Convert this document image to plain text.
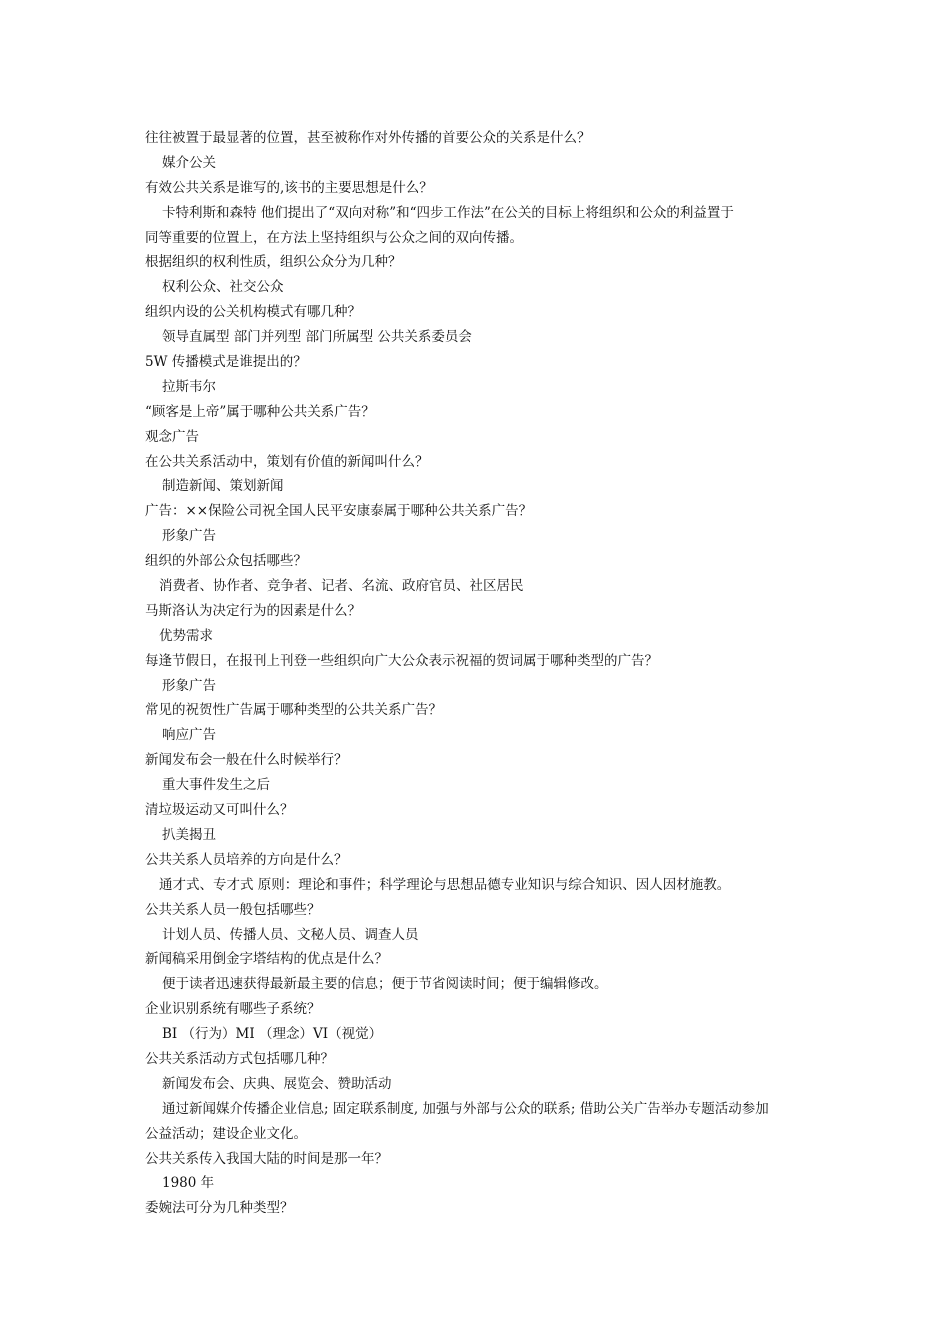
往往被置于最显著的位置，甚至被称作对外传播的首要公众的关系是什么？
媒介公关
有效公共关系是谁写的,该书的主要思想是什么？
卡特利斯和森特 他们提出了“双向对称”和“四步工作法”在公关的目标上将组织和公众的利益置于
同等重要的位置上，在方法上坚持组织与公众之间的双向传播。
根据组织的权利性质，组织公众分为几种？
权利公众、社交公众
组织内设的公关机构模式有哪几种？
领导直属型 部门并列型 部门所属型 公共关系委员会
5W 传播模式是谁提出的？
拉斯韦尔
“顾客是上帝”属于哪种公共关系广告？
观念广告
在公共关系活动中，策划有价值的新闻叫什么？
制造新闻、策划新闻
广告：××保险公司祝全国人民平安康泰属于哪种公共关系广告？
形象广告
组织的外部公众包括哪些？
消费者、协作者、竞争者、记者、名流、政府官员、社区居民
马斯洛认为决定行为的因素是什么？
优势需求
每逢节假日，在报刊上刊登一些组织向广大公众表示祝福的贺词属于哪种类型的广告？
形象广告
常见的祝贺性广告属于哪种类型的公共关系广告？
响应广告
新闻发布会一般在什么时候举行？
重大事件发生之后
清垃圾运动又可叫什么？
扒美揭丑
公共关系人员培养的方向是什么？
通才式、专才式 原则：理论和事件；科学理论与思想品德专业知识与综合知识、因人因材施教。
公共关系人员一般包括哪些？
计划人员、传播人员、文秘人员、调查人员
新闻稿采用倒金字塔结构的优点是什么？
便于读者迅速获得最新最主要的信息；便于节省阅读时间；便于编辑修改。
企业识别系统有哪些子系统？
BI （行为）MI （理念）VI（视觉）
公共关系活动方式包括哪几种？
新闻发布会、庆典、展览会、赞助活动
通过新闻媒介传播企业信息; 固定联系制度, 加强与外部与公众的联系; 借助公关广告举办专题活动参加
公益活动；建设企业文化。
公共关系传入我国大陆的时间是那一年？
1980 年
委婉法可分为几种类型？
